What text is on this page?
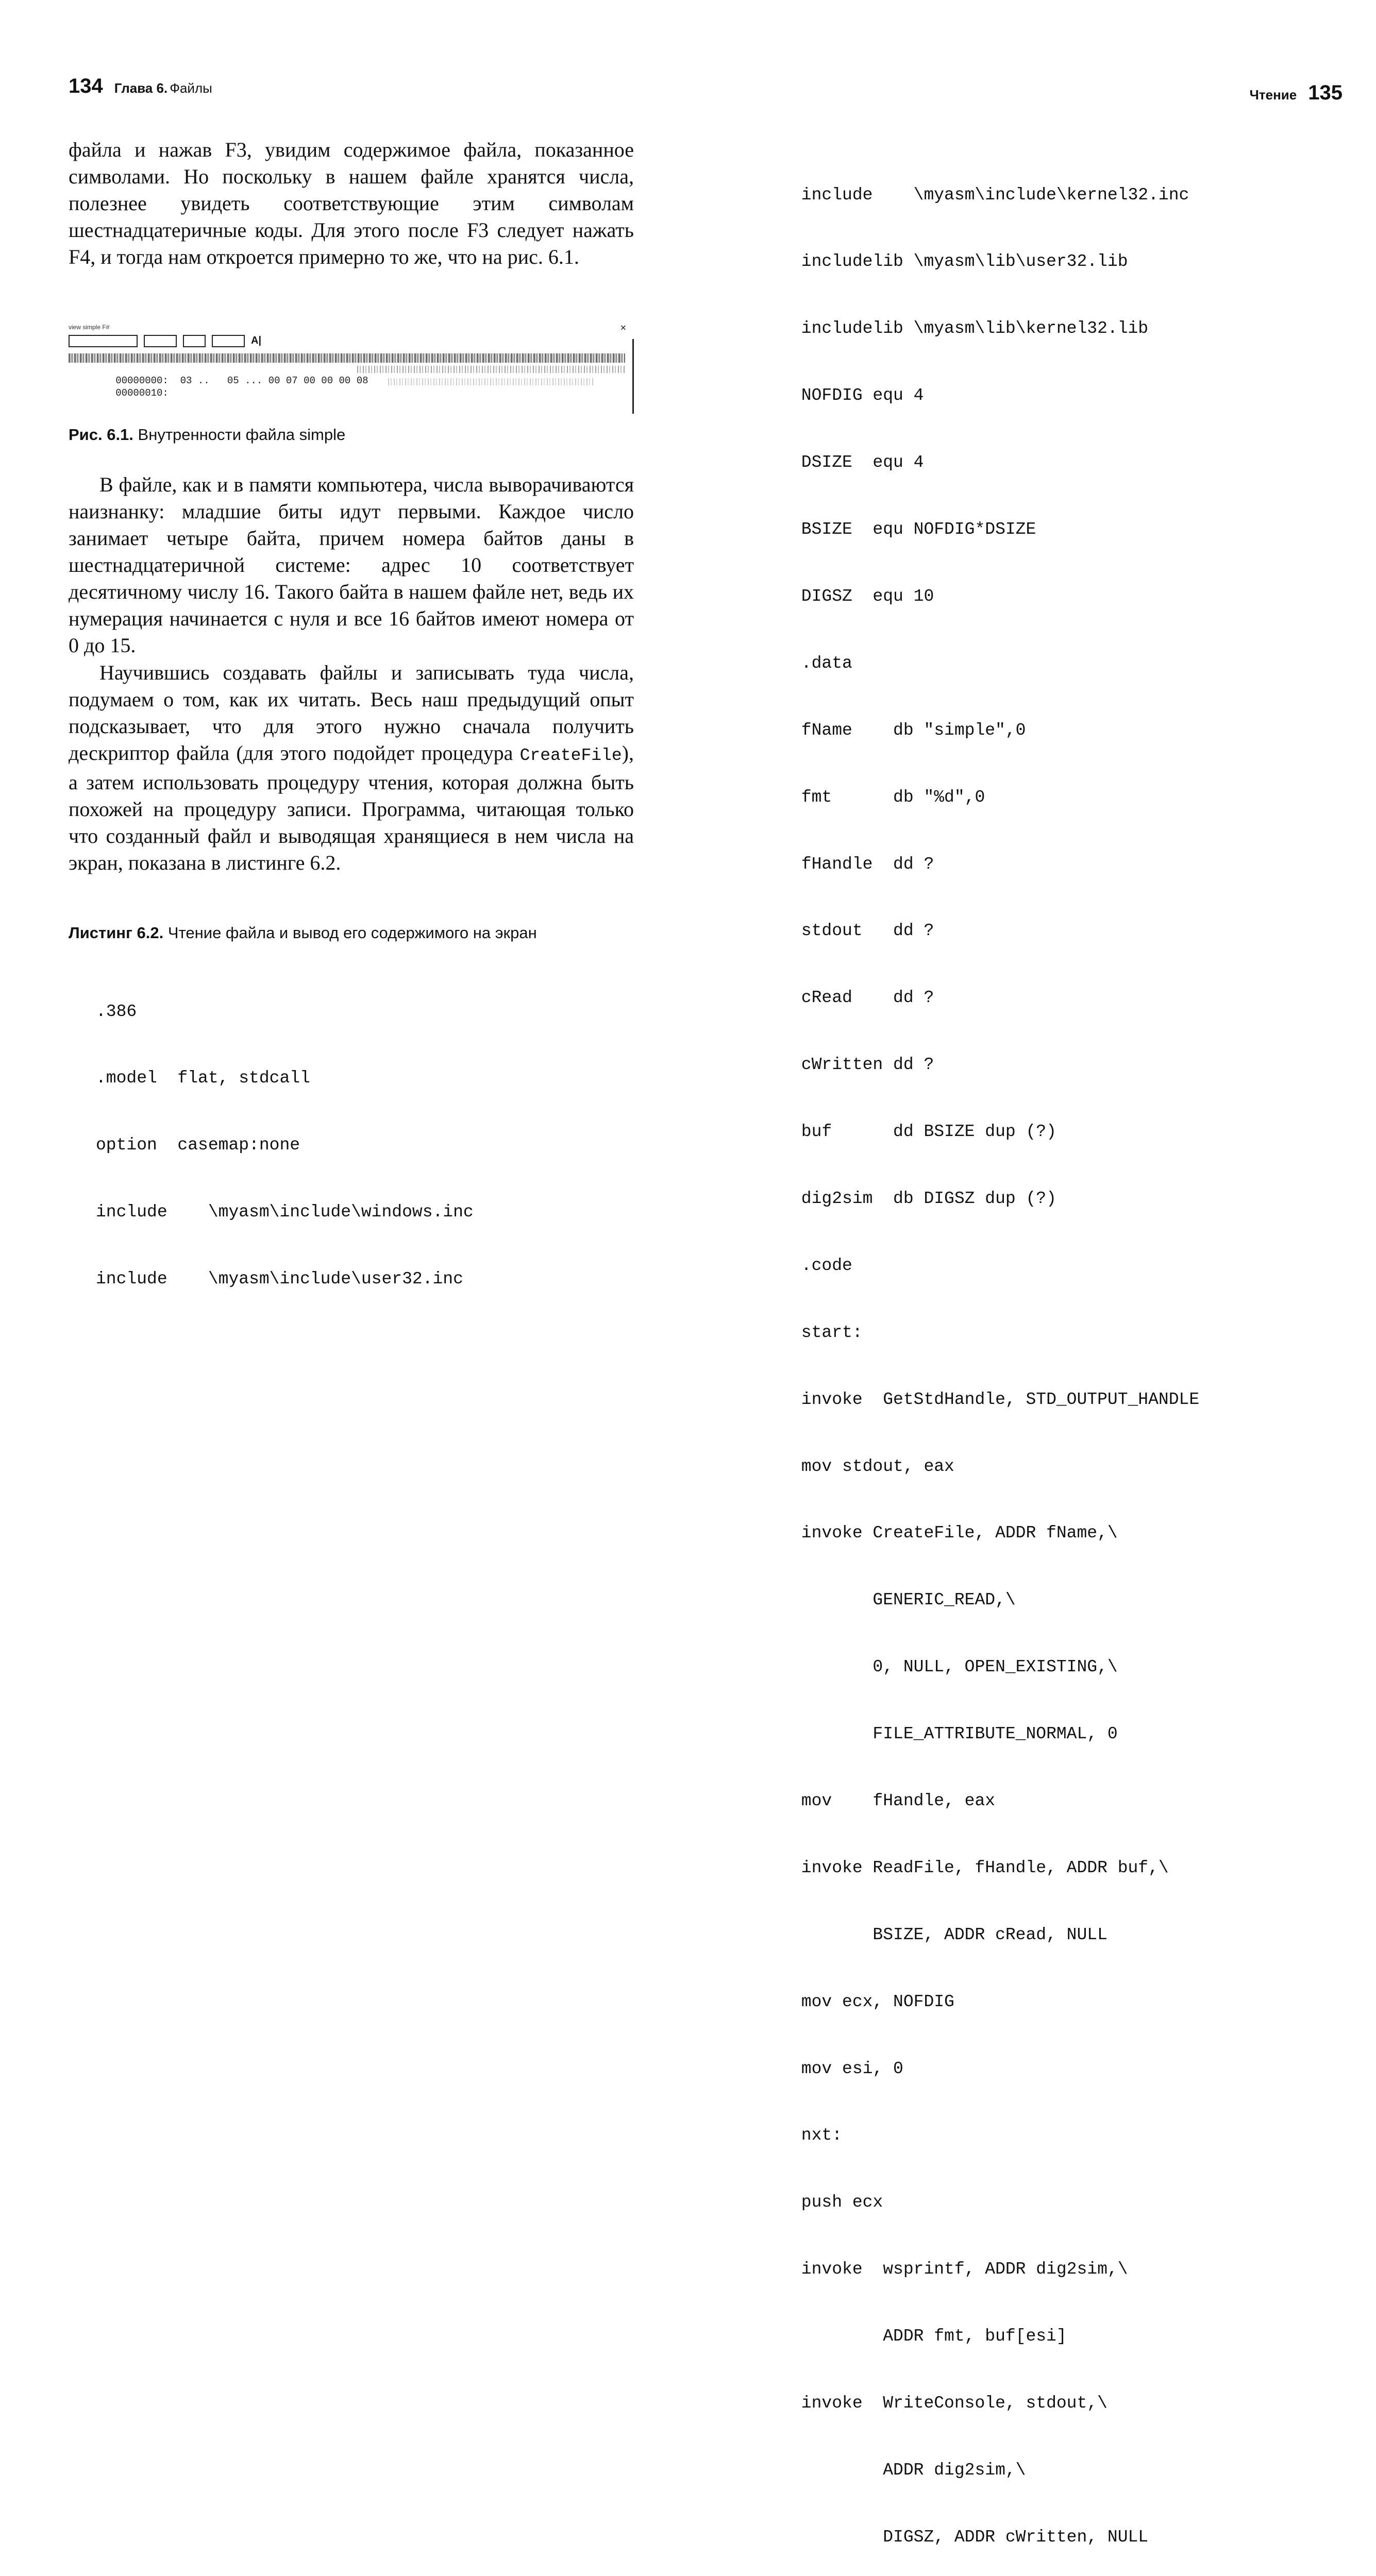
134 Глава 6. Файлы

файла и нажав F3, увидим содержимое файла, показанное символами. Но поскольку в нашем файле хранятся числа, полезнее увидеть соответствующие этим символам шестнадцатеричные коды. Для этого после F3 следует нажать F4, и тогда нам откроется примерно то же, что на рис. 6.1.

view simple F#	×
A|

00000000: 03 ..   05 ... 00 07 00 00 00 08

00000010:

Рис. 6.1. Внутренности файла simple

В файле, как и в памяти компьютера, числа выворачиваются наизнанку: младшие биты идут первыми. Каждое число занимает четыре байта, причем номера байтов даны в шестнадцатеричной системе: адрес 10 соответствует десятичному числу 16. Такого байта в нашем файле нет, ведь их нумерация начинается с нуля и все 16 байтов имеют номера от 0 до 15.

Научившись создавать файлы и записывать туда числа, подумаем о том, как их читать. Весь наш предыдущий опыт подсказывает, что для этого нужно сначала получить дескриптор файла (для этого подойдет процедура CreateFile), а затем использовать процедуру чтения, которая должна быть похожей на процедуру записи. Программа, читающая только что созданный файл и выводящая хранящиеся в нем числа на экран, показана в листинге 6.2.

Листинг 6.2. Чтение файла и вывод его содержимого на экран

.386

.model  flat, stdcall

option  casemap:none

include    \myasm\include\windows.inc

include    \myasm\include\user32.inc

Чтение 135

include    \myasm\include\kernel32.inc

includelib \myasm\lib\user32.lib

includelib \myasm\lib\kernel32.lib

NOFDIG equ 4

DSIZE  equ 4

BSIZE  equ NOFDIG*DSIZE

DIGSZ  equ 10

.data

fName    db "simple",0

fmt      db "%d",0

fHandle  dd ?

stdout   dd ?

cRead    dd ?

cWritten dd ?

buf      dd BSIZE dup (?)

dig2sim  db DIGSZ dup (?)

.code

start:

invoke  GetStdHandle, STD_OUTPUT_HANDLE

mov stdout, eax

invoke CreateFile, ADDR fName,\

GENERIC_READ,\

0, NULL, OPEN_EXISTING,\

FILE_ATTRIBUTE_NORMAL, 0

mov    fHandle, eax

invoke ReadFile, fHandle, ADDR buf,\

BSIZE, ADDR cRead, NULL

mov ecx, NOFDIG

mov esi, 0

nxt:

push ecx

invoke  wsprintf, ADDR dig2sim,\

ADDR fmt, buf[esi]

invoke  WriteConsole, stdout,\

ADDR dig2sim,\

DIGSZ, ADDR cWritten, NULL
